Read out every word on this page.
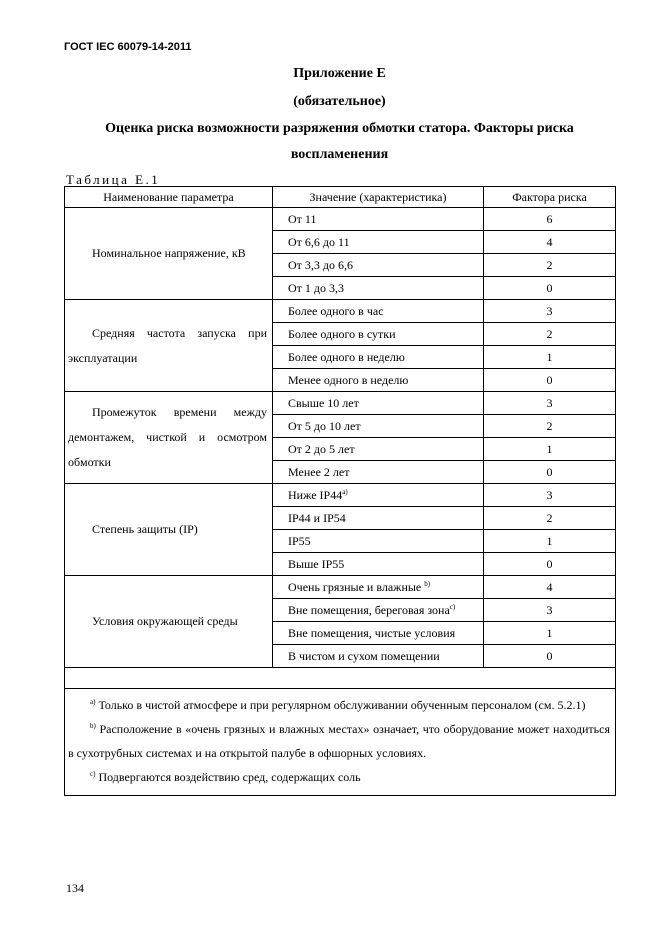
ГОСТ IEC 60079-14-2011
Приложение Е
(обязательное)
Оценка риска возможности разряжения обмотки статора. Факторы риска
воспламенения
Таблица Е.1
Наименование параметра	Значение (характеристика)	Фактора риска
Номинальное напряжение, кВ	От 11	6
	От 6,6 до 11	4
	От 3,3 до 6,6	2
	От 1 до 3,3	0
Средняя частота запуска при эксплуатации	Более одного в час	3
	Более одного в сутки	2
	Более одного в неделю	1
	Менее одного в неделю	0
Промежуток времени между демонтажем, чисткой и осмотром обмотки	Свыше 10 лет	3
	От 5 до 10 лет	2
	От 2 до 5 лет	1
	Менее 2 лет	0
Степень защиты (IP)	Ниже IP44$^{a)}$	3
	IP44 и IP54	2
	IP55	1
	Выше IP55	0
Условия окружающей среды	Очень грязные и влажные $^{b)}$	4
	Вне помещения, береговая зона$^{c)}$	3
	Вне помещения, чистые условия	1
	В чистом и сухом помещении	0

$^{a)}$ Только в чистой атмосфере и при регулярном обслуживании обученным персоналом (см. 5.2.1)

$^{b)}$ Расположение в «очень грязных и влажных местах» означает, что оборудование может находиться в сухотрубных системах и на открытой палубе в офшорных условиях.

$^{c)}$ Подвергаются воздействию сред, содержащих соль		

134
